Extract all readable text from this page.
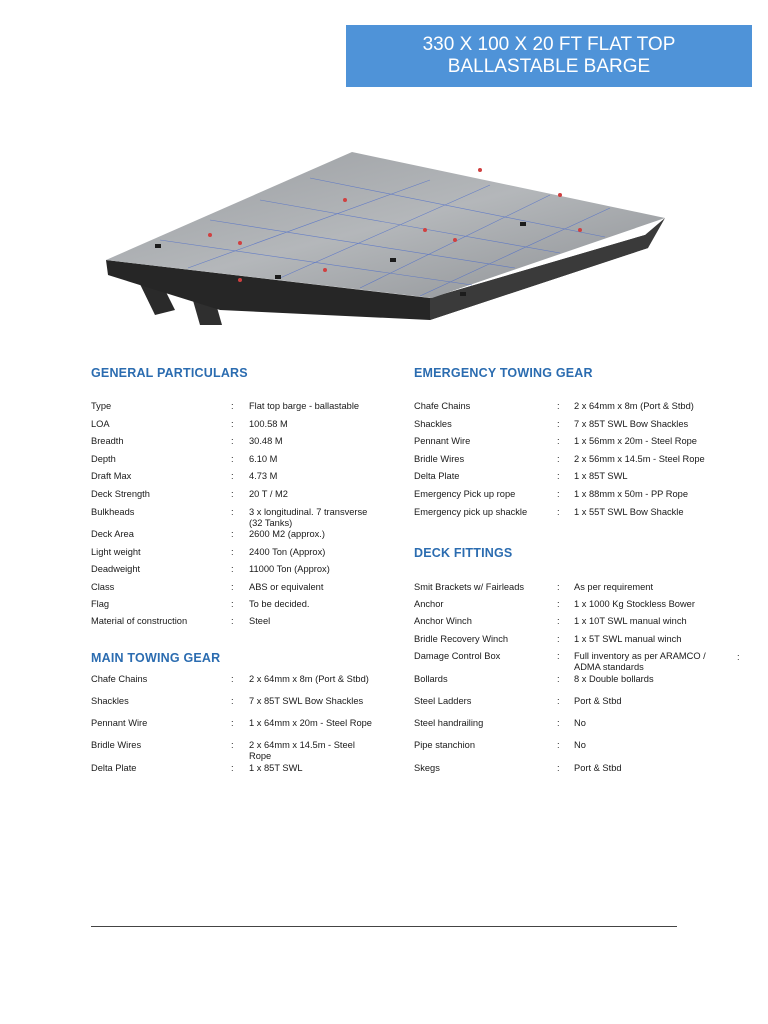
330 X 100 X 20 FT FLAT TOP
BALLASTABLE BARGE
GENERAL PARTICULARS
Type	: Flat top barge - ballastable
LOA	: 100.58 M
Breadth	: 30.48 M
Depth	: 6.10 M
Draft Max	: 4.73 M
Deck Strength	: 20 T / M2
Bulkheads	: 3 x longitudinal. 7 transverse (32 Tanks)
Deck Area	: 2600 M2 (approx.)
Light weight	: 2400 Ton (Approx)
Deadweight	: 11000 Ton (Approx)
Class	: ABS or equivalent
Flag	: To be decided.
Material of construction	: Steel
MAIN TOWING GEAR
Chafe Chains	: 2 x 64mm x 8m (Port & Stbd)
Shackles	: 7 x 85T SWL Bow Shackles
Pennant Wire	: 1 x 64mm x 20m - Steel Rope
Bridle Wires	: 2 x 64mm x 14.5m - Steel Rope
Delta Plate	: 1 x 85T SWL
EMERGENCY TOWING GEAR
Chafe Chains	: 2 x 64mm x 8m (Port & Stbd)
Shackles	: 7 x 85T SWL Bow Shackles
Pennant Wire	: 1 x 56mm x 20m - Steel Rope
Bridle Wires	: 2 x 56mm x 14.5m - Steel Rope
Delta Plate	: 1 x 85T SWL
Emergency Pick up rope	: 1 x 88mm x 50m - PP Rope
Emergency pick up shackle	: 1 x 55T SWL Bow Shackle
DECK FITTINGS
Smit Brackets w/ Fairleads	: As per requirement
Anchor	: 1 x 1000 Kg Stockless Bower
Anchor Winch	: 1 x 10T SWL manual winch
Bridle Recovery Winch	: 1 x 5T SWL manual winch
Damage Control Box	: Full inventory as per ARAMCO / ADMA standards
Bollards	: 8 x Double bollards
Steel Ladders	: Port & Stbd
Steel handrailing	: No
Pipe stanchion	: No
Skegs	: Port & Stbd
:
